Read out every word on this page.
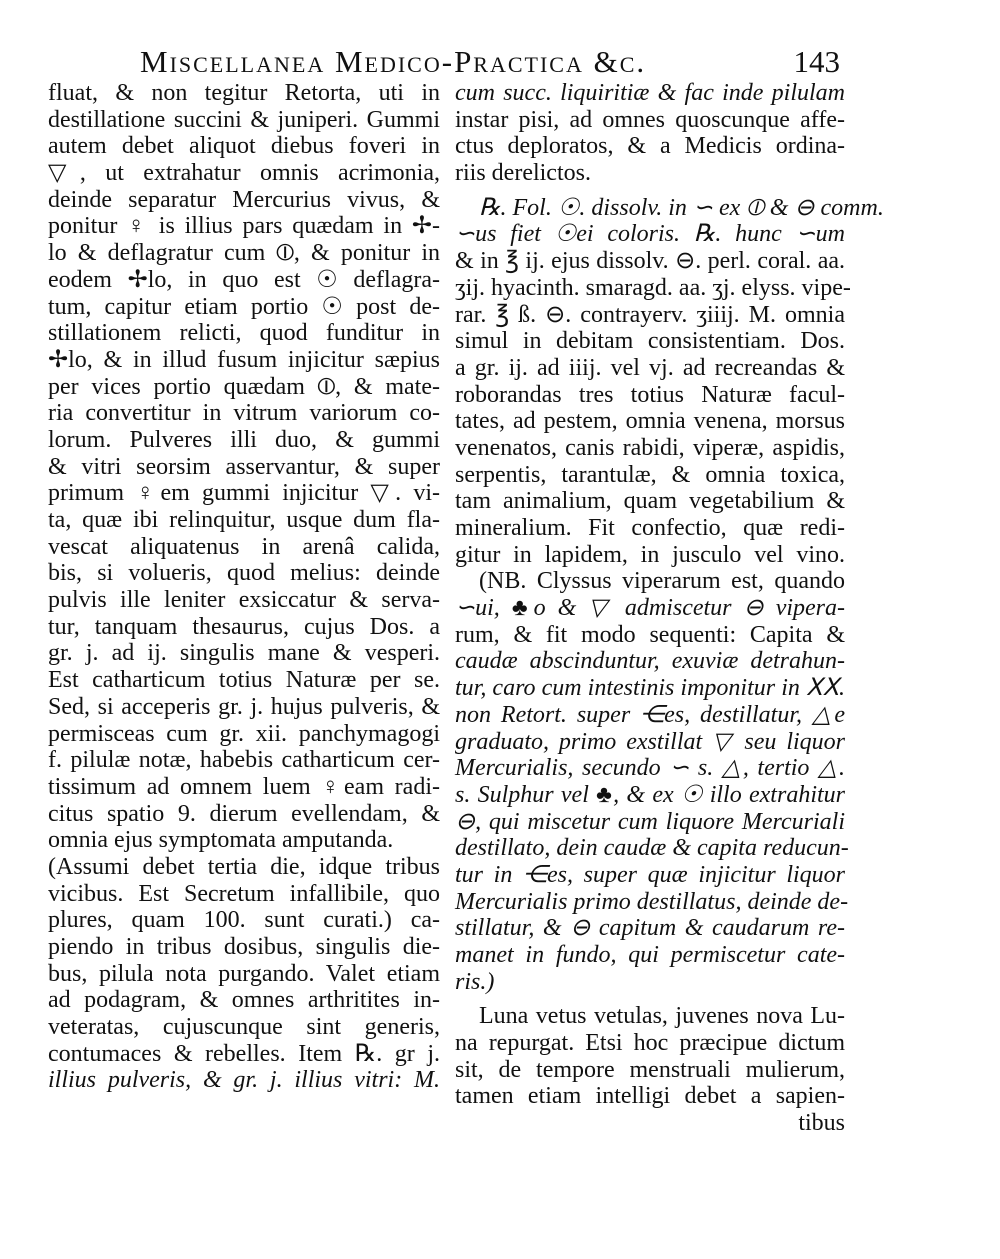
Miscellanea Medico-Practica &c.	143
fluat, & non tegitur Retorta, uti in
destillatione succini & juniperi. Gummi
autem debet aliquot diebus foveri in
▽, ut extrahatur omnis acrimonia,
deinde separatur Mercurius vivus, &
ponitur ♀ is illius pars quædam in ✢-
lo & deflagratur cum ⦶, & ponitur in
eodem ✢lo, in quo est ☉ deflagra-
tum, capitur etiam portio ☉ post de-
stillationem relicti, quod funditur in
✢lo, & in illud fusum injicitur sæpius
per vices portio quædam ⦶, & mate-
ria convertitur in vitrum variorum co-
lorum. Pulveres illi duo, & gummi
& vitri seorsim asservantur, & super
primum ♀em gummi injicitur ▽. vi-
ta, quæ ibi relinquitur, usque dum fla-
vescat aliquatenus in arenâ calida,
bis, si volueris, quod melius: deinde
pulvis ille leniter exsiccatur & serva-
tur, tanquam thesaurus, cujus Dos. a
gr. j. ad ij. singulis mane & vesperi.
Est catharticum totius Naturæ per se.
Sed, si acceperis gr. j. hujus pulveris, &
permisceas cum gr. xii. panchymagogi
f. pilulæ notæ, habebis catharticum cer-
tissimum ad omnem luem ♀eam radi-
citus spatio 9. dierum evellendam, &
omnia ejus symptomata amputanda.
(Assumi debet tertia die, idque tribus
vicibus. Est Secretum infallibile, quo
plures, quam 100. sunt curati.) ca-
piendo in tribus dosibus, singulis die-
bus, pilula nota purgando. Valet etiam
ad podagram, & omnes arthritites in-
veteratas, cujuscunque sint generis,
contumaces & rebelles. Item ℞. gr j.
illius pulveris, & gr. j. illius vitri: M.
cum succ. liquiritiæ & fac inde pilulam
instar pisi, ad omnes quoscunque affe-
ctus deploratos, & a Medicis ordina-
riis derelictos.
℞. Fol. ☉. dissolv. in ∽ ex ⦶ & ⊖ comm.
∽us fiet ☉ei coloris. ℞. hunc ∽um
& in ℥ ij. ejus dissolv. ⊖. perl. coral. aa.
ʒij. hyacinth. smaragd. aa. ʒj. elyss. vipe-
rar. ℥ ß. ⊖. contrayerv. ʒiiij. M. omnia
simul in debitam consistentiam. Dos.
a gr. ij. ad iiij. vel vj. ad recreandas &
roborandas tres totius Naturæ facul-
tates, ad pestem, omnia venena, morsus
venenatos, canis rabidi, viperæ, aspidis,
serpentis, tarantulæ, & omnia toxica,
tam animalium, quam vegetabilium &
mineralium. Fit confectio, quæ redi-
gitur in lapidem, in jusculo vel vino.
(NB. Clyssus viperarum est, quando
∽ui, ♣o & ▽ admiscetur ⊖ vipera-
rum, & fit modo sequenti: Capita &
caudæ abscinduntur, exuviæ detrahun-
tur, caro cum intestinis imponitur in ⅩⅩ.
non Retort. super ⋲es, destillatur, △e
graduato, primo exstillat ▽ seu liquor
Mercurialis, secundo ∽ s. △, tertio △.
s. Sulphur vel ♣, & ex ☉ illo extrahitur
⊖, qui miscetur cum liquore Mercuriali
destillato, dein caudæ & capita reducun-
tur in ⋲es, super quæ injicitur liquor
Mercurialis primo destillatus, deinde de-
stillatur, & ⊖ capitum & caudarum re-
manet in fundo, qui permiscetur cate-
ris.)
Luna vetus vetulas, juvenes nova Lu-
na repurgat. Etsi hoc præcipue dictum
sit, de tempore menstruali mulierum,
tamen etiam intelligi debet a sapien-
tibus
